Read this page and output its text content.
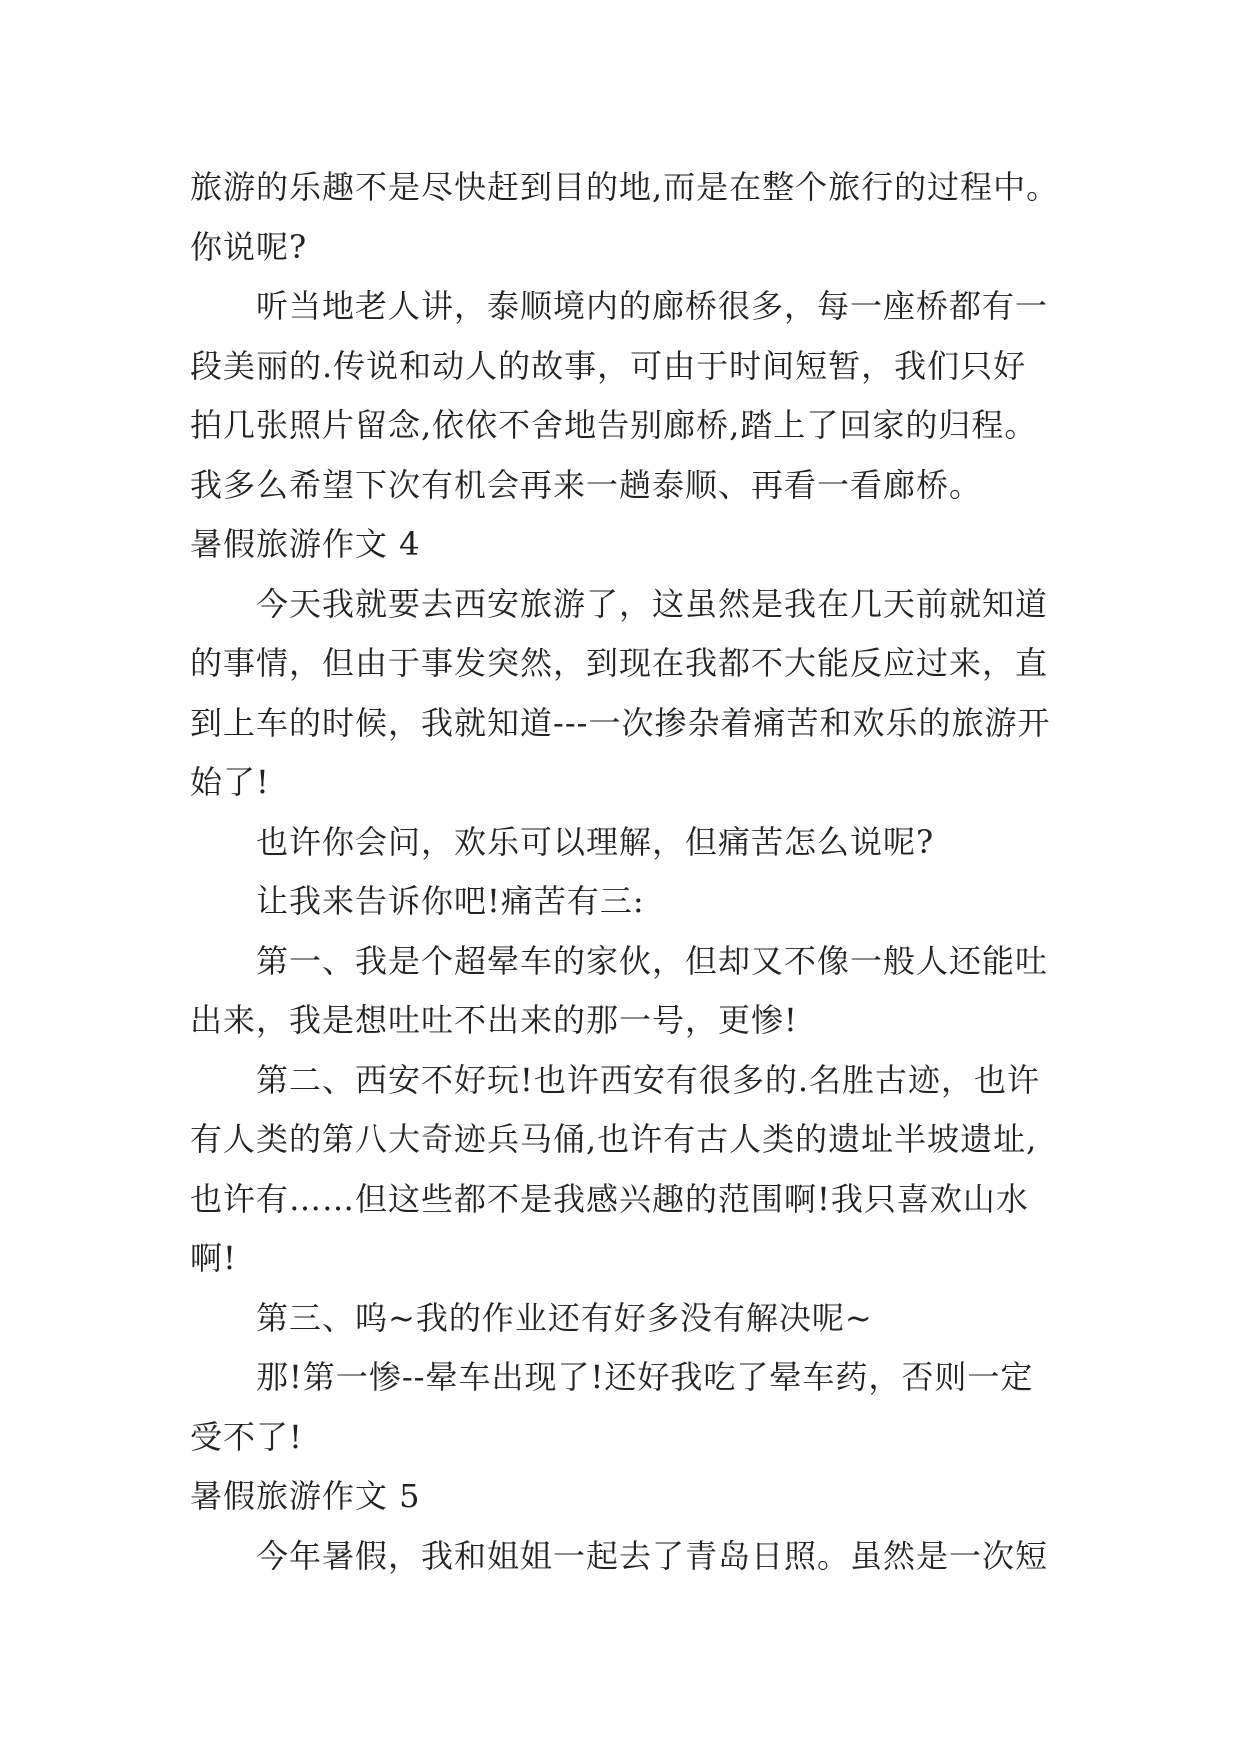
旅游的乐趣不是尽快赶到目的地,而是在整个旅行的过程中。
你说呢?
听当地老人讲，泰顺境内的廊桥很多，每一座桥都有一
段美丽的.传说和动人的故事，可由于时间短暂，我们只好
拍几张照片留念,依依不舍地告别廊桥,踏上了回家的归程。
我多么希望下次有机会再来一趟泰顺、再看一看廊桥。
暑假旅游作文 4
今天我就要去西安旅游了，这虽然是我在几天前就知道
的事情，但由于事发突然，到现在我都不大能反应过来，直
到上车的时候，我就知道---一次掺杂着痛苦和欢乐的旅游开
始了!
也许你会问，欢乐可以理解，但痛苦怎么说呢?
让我来告诉你吧!痛苦有三:
第一、我是个超晕车的家伙，但却又不像一般人还能吐
出来，我是想吐吐不出来的那一号，更惨!
第二、西安不好玩!也许西安有很多的.名胜古迹，也许
有人类的第八大奇迹兵马俑,也许有古人类的遗址半坡遗址,
也许有……但这些都不是我感兴趣的范围啊!我只喜欢山水
啊!
第三、呜~我的作业还有好多没有解决呢~
那!第一惨--晕车出现了!还好我吃了晕车药，否则一定
受不了!
暑假旅游作文 5
今年暑假，我和姐姐一起去了青岛日照。虽然是一次短
